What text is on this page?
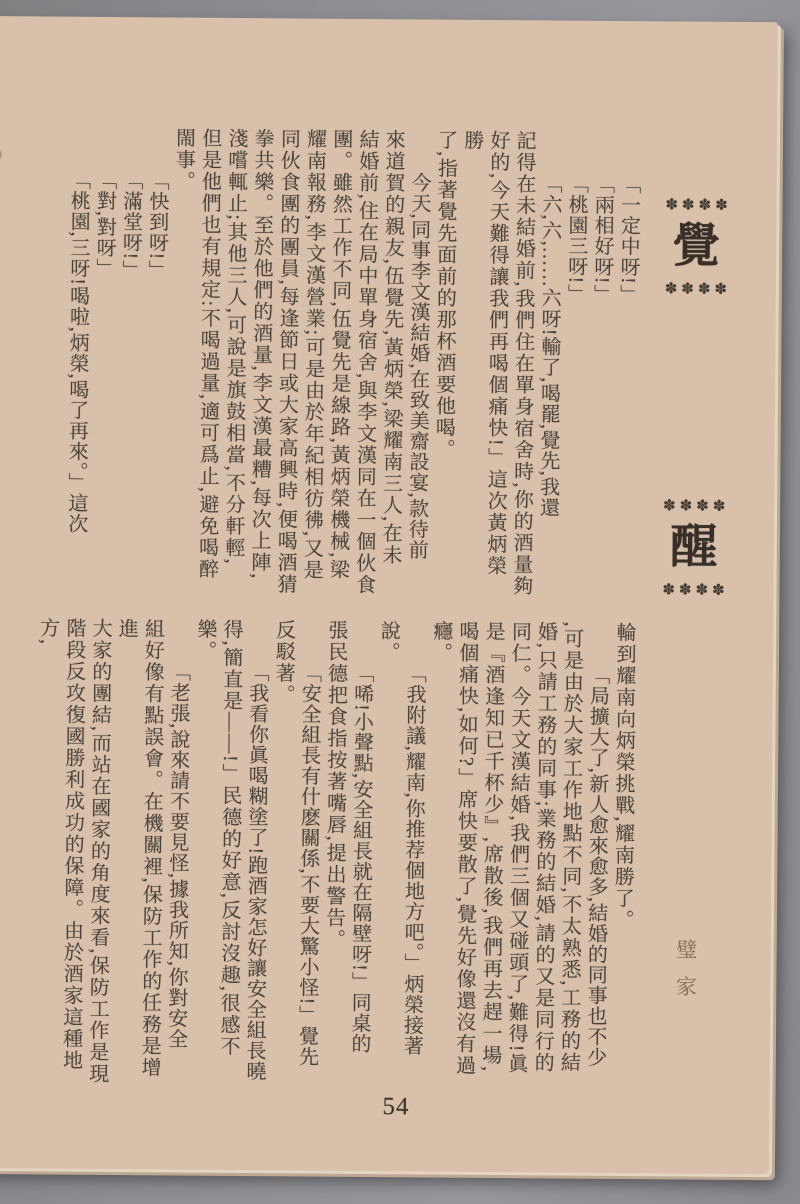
✽✽✽✽
覺
✽✽✽✽
✽✽✽✽
醒
✽✽✽✽
「一定中呀!」
「兩相好呀!」
「桃園三呀!」
「六,六,……六呀!輸了,喝罷,覺先,我還
記得在未結婚前,我們住在單身宿舍時,你的酒量夠
好的,今天難得讓我們再喝個痛快!」這次黃炳榮勝
了,指著覺先面前的那杯酒要他喝。
今天,同事李文漢結婚,在致美齋設宴,款待前
來道賀的親友,伍覺先,黃炳榮,梁耀南三人,在未
結婚前,住在局中單身宿舍,與李文漢同在一個伙食
團。雖然工作不同,伍覺先是線路,黃炳榮機械,梁
耀南報務,李文漢營業;可是由於年紀相彷彿,又是
同伙食團的團員,每逢節日或大家高興時,便喝酒猜
拳共樂。至於他們的酒量,李文漢最糟,每次上陣,
淺嚐輒止;其他三人,可說是旗鼓相當,不分軒輕,
但是他們也有規定:不喝過量,適可爲止,避免喝醉
閙事。
「快到呀!」
「滿堂呀!」
「對,對呀」
「桃園,三呀!喝啦,炳榮,喝了再來。」這次
輪到耀南向炳榮挑戰,耀南勝了。
「局擴大了,新人愈來愈多,結婚的同事也不少
,可是由於大家工作地點不同,不太熟悉,工務的結
婚,只請工務的同事;業務的結婚,請的又是同行的
同仁。今天文漢結婚,我們三個又碰頭了,難得!眞
是『酒逢知已千杯少』,席散後,我們再去趕一場,
喝個痛快,如何?」席快要散了,覺先好像還沒有過
癮。
「我附議,耀南,你推荐個地方吧。」炳榮接著
說。
「唏!小聲點,安全組長就在隔壁呀!」同桌的
張民德把食指按著嘴唇,提出警告。
「安全組長有什麽關係,不要大驚小怪!」覺先
反駁著。
「我看你眞喝糊塗了!跑酒家怎好讓安全組長曉
得,簡直是——!」民德的好意,反討沒趣,很感不
樂。
「老張,說來請不要見怪,據我所知,你對安全
組好像有點誤會。在機關裡,保防工作的任務是增進
大家的團結,而站在國家的角度來看,保防工作是現
階段反攻復國勝利成功的保障。由於酒家這種地方,
璧家
54
